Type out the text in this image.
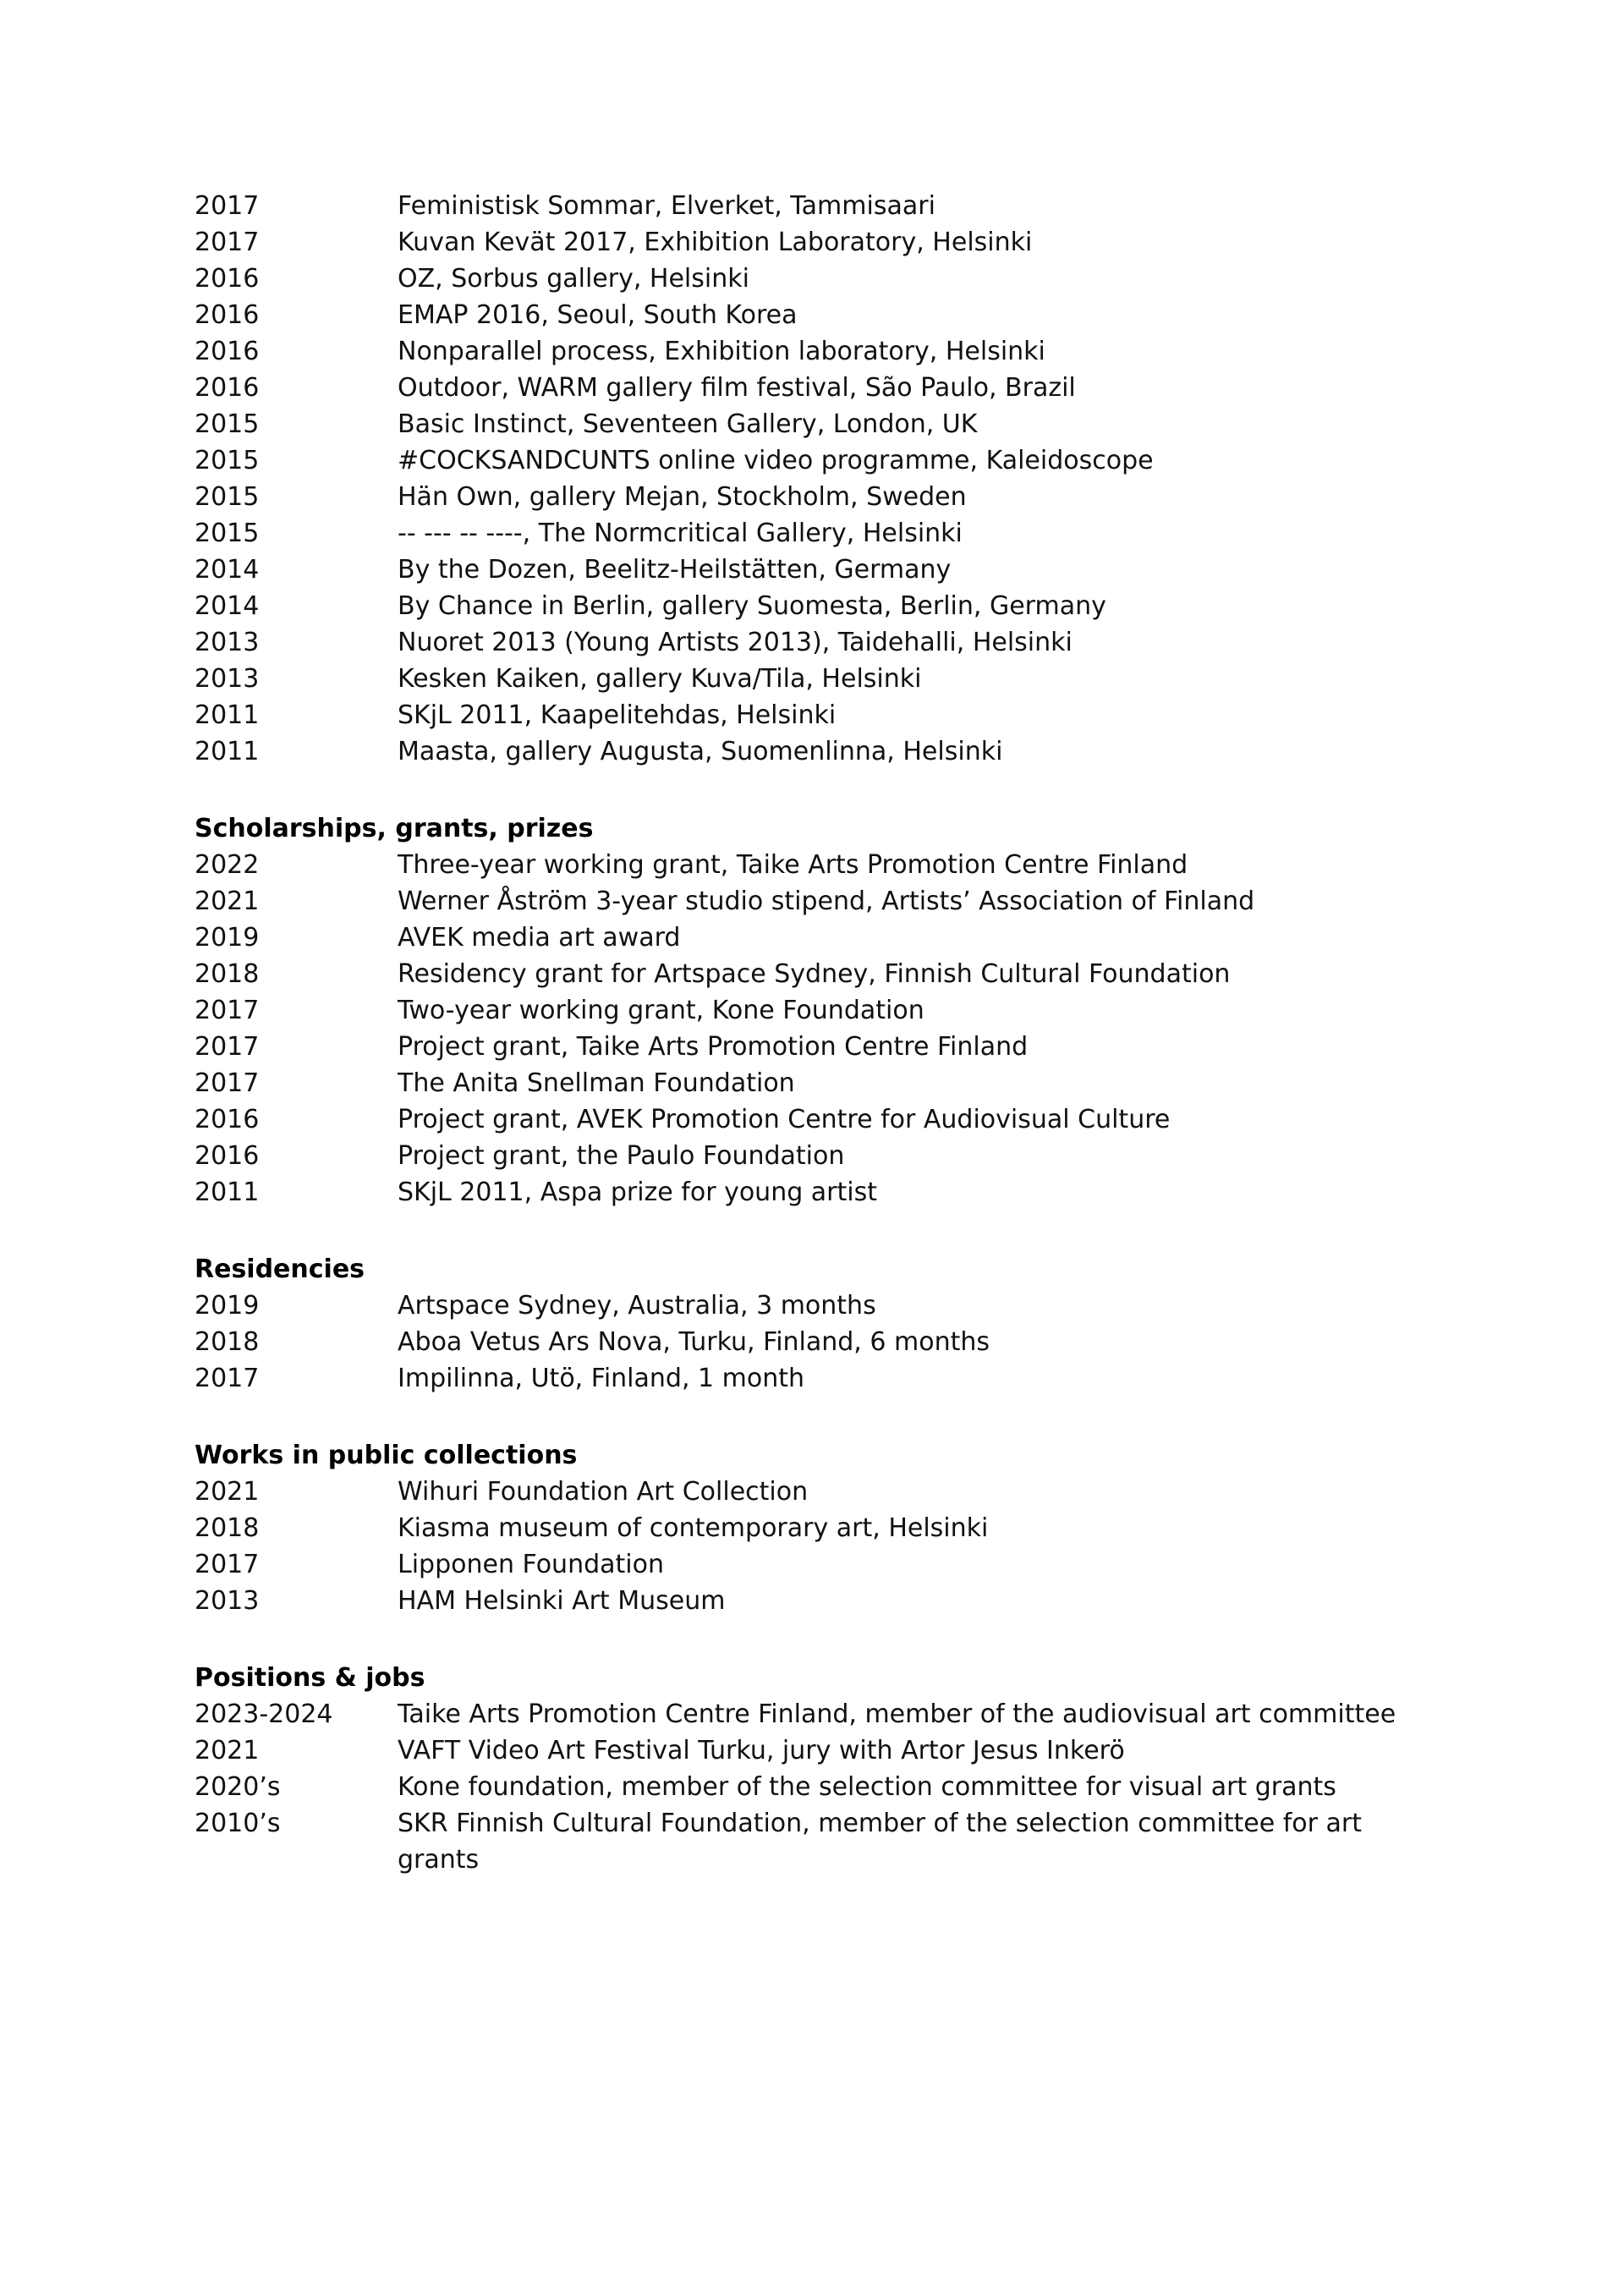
2017	Feministisk Sommar, Elverket, Tammisaari
2017	Kuvan Kevät 2017, Exhibition Laboratory, Helsinki
2016	OZ, Sorbus gallery, Helsinki
2016	EMAP 2016, Seoul, South Korea
2016	Nonparallel process, Exhibition laboratory, Helsinki
2016	Outdoor, WARM gallery film festival, São Paulo, Brazil
2015	Basic Instinct, Seventeen Gallery, London, UK
2015	#COCKSANDCUNTS online video programme, Kaleidoscope
2015	Hän Own, gallery Mejan, Stockholm, Sweden
2015	-- --- -- ----, The Normcritical Gallery, Helsinki
2014	By the Dozen, Beelitz-Heilstätten, Germany
2014	By Chance in Berlin, gallery Suomesta, Berlin, Germany
2013	Nuoret 2013 (Young Artists 2013), Taidehalli, Helsinki
2013	Kesken Kaiken, gallery Kuva/Tila, Helsinki
2011	SKjL 2011, Kaapelitehdas, Helsinki
2011	Maasta, gallery Augusta, Suomenlinna, Helsinki
Scholarships, grants, prizes
2022	Three-year working grant, Taike Arts Promotion Centre Finland
2021	Werner Åström 3-year studio stipend, Artists’ Association of Finland
2019	AVEK media art award
2018	Residency grant for Artspace Sydney, Finnish Cultural Foundation
2017	Two-year working grant, Kone Foundation
2017	Project grant, Taike Arts Promotion Centre Finland
2017	The Anita Snellman Foundation
2016	Project grant, AVEK Promotion Centre for Audiovisual Culture
2016	Project grant, the Paulo Foundation
2011	SKjL 2011, Aspa prize for young artist
Residencies
2019	Artspace Sydney, Australia, 3 months
2018	Aboa Vetus Ars Nova, Turku, Finland, 6 months
2017	Impilinna, Utö, Finland, 1 month
Works in public collections
2021	Wihuri Foundation Art Collection
2018	Kiasma museum of contemporary art, Helsinki
2017	Lipponen Foundation
2013	HAM Helsinki Art Museum
Positions & jobs
2023-2024	Taike Arts Promotion Centre Finland, member of the audiovisual art committee
2021	VAFT Video Art Festival Turku, jury with Artor Jesus Inkerö
2020’s	Kone foundation, member of the selection committee for visual art grants
2010’s	SKR Finnish Cultural Foundation, member of the selection committee for art grants
